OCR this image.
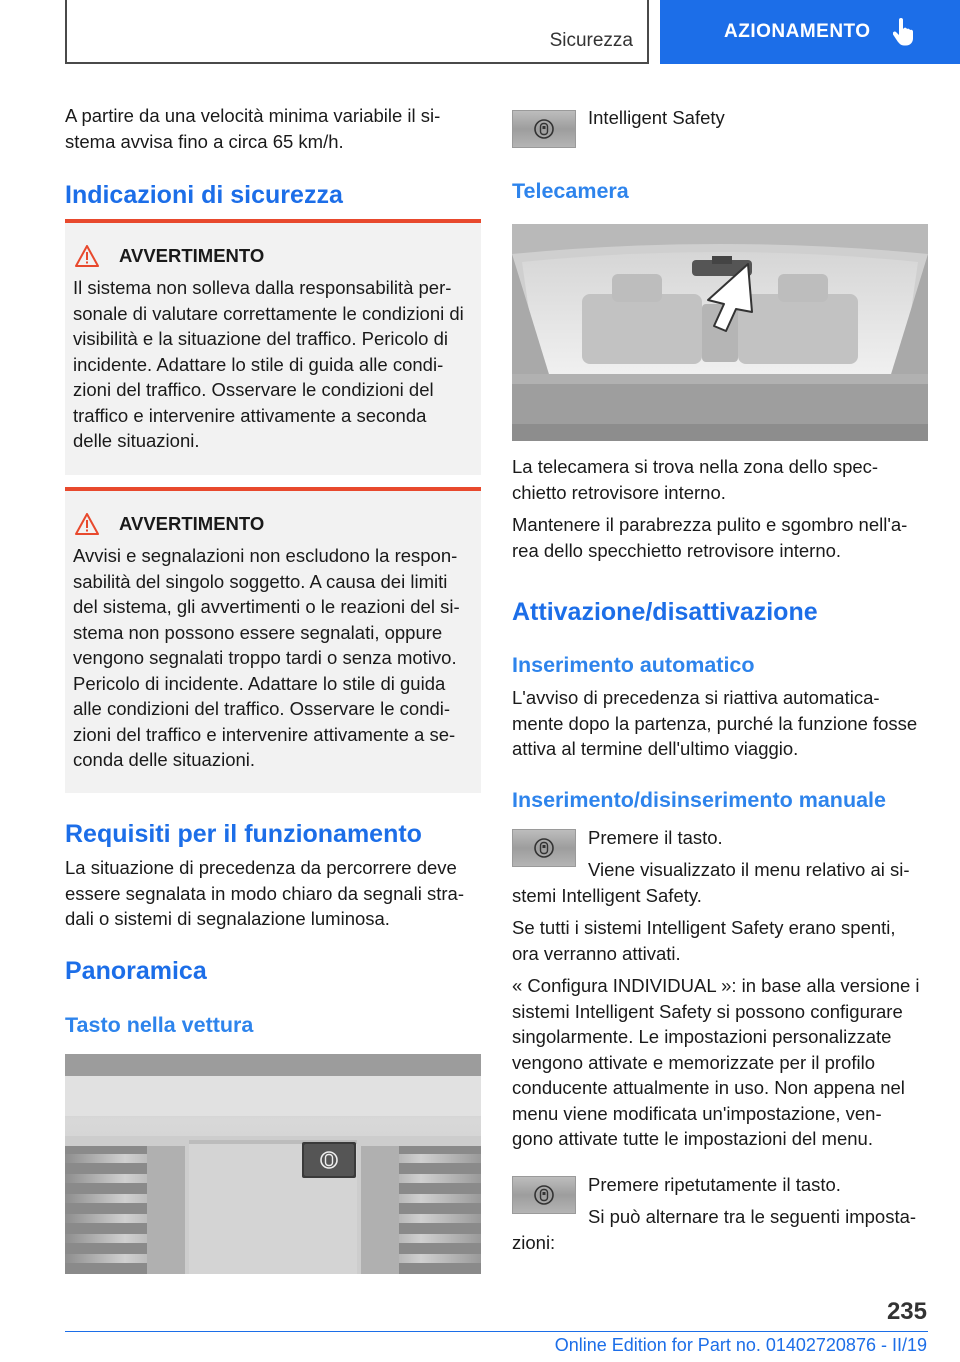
Sicurezza	AZIONAMENTO
A partire da una velocità minima variabile il si-stema avvisa fino a circa 65 km/h.
Indicazioni di sicurezza
AVVERTIMENTO
Il sistema non solleva dalla responsabilità per-
sonale di valutare correttamente le condizioni di
visibilità e la situazione del traffico. Pericolo di
incidente. Adattare lo stile di guida alle condi-
zioni del traffico. Osservare le condizioni del
traffico e intervenire attivamente a seconda
delle situazioni.
AVVERTIMENTO
Avvisi e segnalazioni non escludono la respon-
sabilità del singolo soggetto. A causa dei limiti
del sistema, gli avvertimenti o le reazioni del si-
stema non possono essere segnalati, oppure
vengono segnalati troppo tardi o senza motivo.
Pericolo di incidente. Adattare lo stile di guida
alle condizioni del traffico. Osservare le condi-
zioni del traffico e intervenire attivamente a se-
conda delle situazioni.
Requisiti per il funzionamento
La situazione di precedenza da percorrere deve
essere segnalata in modo chiaro da segnali stra-
dali o sistemi di segnalazione luminosa.
Panoramica
Tasto nella vettura
Intelligent Safety
Telecamera
La telecamera si trova nella zona dello spec-
chietto retrovisore interno.
Mantenere il parabrezza pulito e sgombro nell'a-
rea dello specchietto retrovisore interno.
Attivazione/disattivazione
Inserimento automatico
L'avviso di precedenza si riattiva automatica-
mente dopo la partenza, purché la funzione fosse
attiva al termine dell'ultimo viaggio.
Inserimento/disinserimento manuale
Premere il tasto.
Viene visualizzato il menu relativo ai si-
stemi Intelligent Safety.
Se tutti i sistemi Intelligent Safety erano spenti,
ora verranno attivati.
« Configura INDIVIDUAL »: in base alla versione i
sistemi Intelligent Safety si possono configurare
singolarmente. Le impostazioni personalizzate
vengono attivate e memorizzate per il profilo
conducente attualmente in uso. Non appena nel
menu viene modificata un'impostazione, ven-
gono attivate tutte le impostazioni del menu.
Premere ripetutamente il tasto.
Si può alternare tra le seguenti imposta-
zioni:
235
Online Edition for Part no. 01402720876 - II/19
